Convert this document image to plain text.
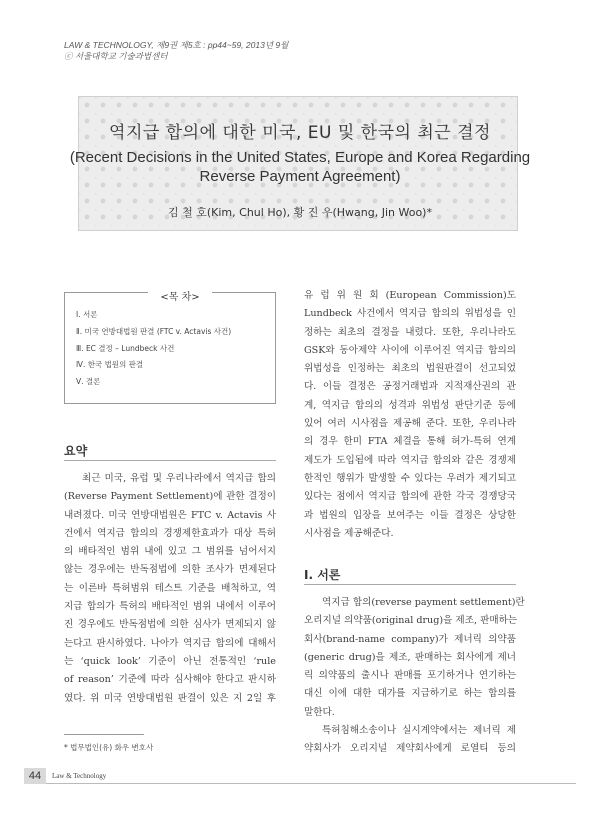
LAW & TECHNOLOGY, 제9권 제5호 : pp44~59, 2013년 9월
ⓒ 서울대학교 기술과법센터
역지급 합의에 대한 미국, EU 및 한국의 최근 결정
(Recent Decisions in the United States, Europe and Korea Regarding
Reverse Payment Agreement)
김 철 호(Kim, Chul Ho), 황 진 우(Hwang, Jin Woo)*
<목 차>
Ⅰ. 서론
Ⅱ. 미국 연방대법원 판결 (FTC v. Actavis 사건)
Ⅲ. EC 결정 – Lundbeck 사건
Ⅳ. 한국 법원의 판결
Ⅴ. 결론
요약
최근 미국, 유럽 및 우리나라에서 역지급 합의
(Reverse Payment Settlement)에 관한 결정이
내려졌다. 미국 연방대법원은 FTC v. Actavis 사
건에서 역지급 합의의 경쟁제한효과가 대상 특허
의 배타적인 범위 내에 있고 그 범위를 넘어서지
않는 경우에는 반독점법에 의한 조사가 면제된다
는 이른바 특허범위 테스트 기준을 배척하고, 역
지급 합의가 특허의 배타적인 범위 내에서 이루어
진 경우에도 반독점법에 의한 심사가 면제되지 않
는다고 판시하였다. 나아가 역지급 합의에 대해서
는 ‘quick look’ 기준이 아닌 전통적인 ‘rule
of reason’ 기준에 따라 심사해야 한다고 판시하
였다. 위 미국 연방대법원 판결이 있은 지 2일 후
유 럽 위 원 회 (European Commission)도
Lundbeck 사건에서 역지급 합의의 위법성을 인
정하는 최초의 결정을 내렸다. 또한, 우리나라도
GSK와 동아제약 사이에 이루어진 역지급 합의의
위법성을 인정하는 최초의 법원판결이 선고되었
다. 이들 결정은 공정거래법과 지적재산권의 관
계, 역지급 합의의 성격과 위법성 판단기준 등에
있어 여러 시사점을 제공해 준다. 또한, 우리나라
의 경우 한미 FTA 체결을 통해 허가-특허 연계
제도가 도입됨에 따라 역지급 합의와 같은 경쟁제
한적인 행위가 발생할 수 있다는 우려가 제기되고
있다는 점에서 역지급 합의에 관한 각국 경쟁당국
과 법원의 입장을 보여주는 이들 결정은 상당한
시사점을 제공해준다.
Ⅰ. 서론
역지급 합의(reverse payment settlement)란
오리지널 의약품(original drug)을 제조, 판매하는
회사(brand-name company)가 제너릭 의약품
(generic drug)을 제조, 판매하는 회사에게 제너
릭 의약품의 출시나 판매를 포기하거나 연기하는
대신 이에 대한 대가를 지급하기로 하는 합의를
말한다.
특허침해소송이나 실시계약에서는 제너릭 제
약회사가 오리지널 제약회사에게 로열티 등의
* 법무법인(유) 화우 변호사
44	Law & Technology
